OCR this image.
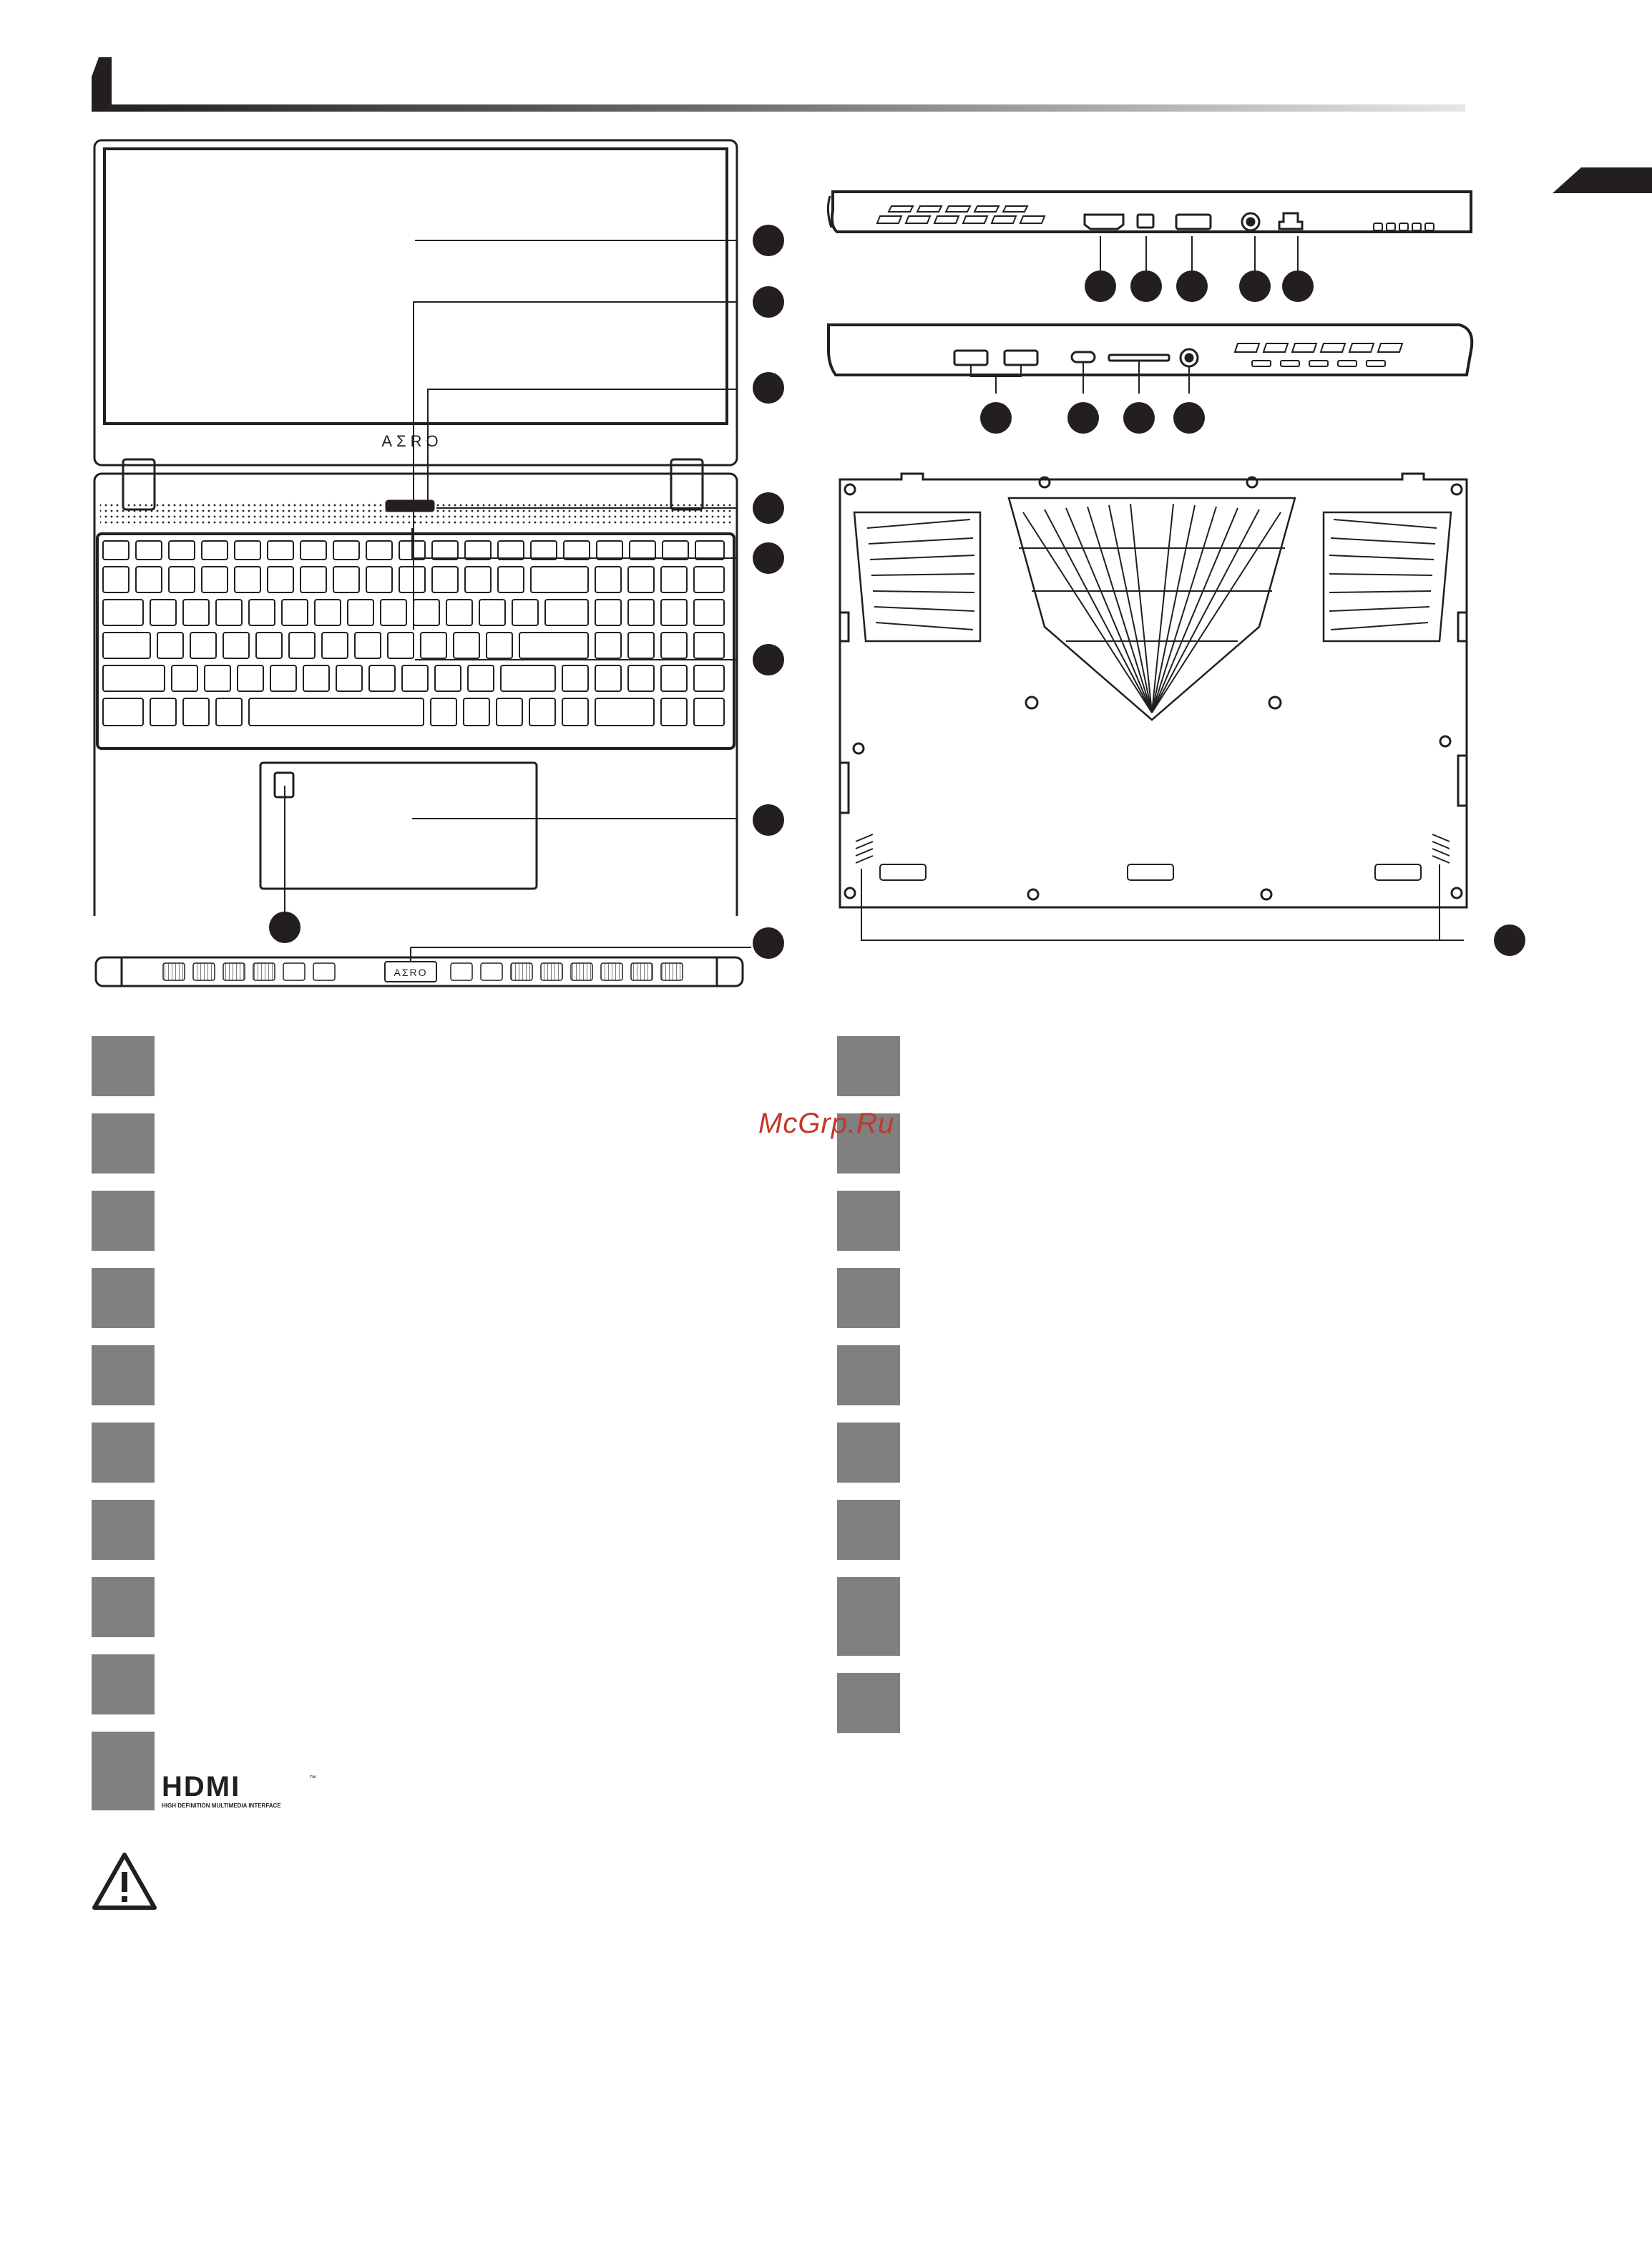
AΣRO
AΣRO
McGrp.Ru
HDMI	™
HIGH DEFINITION MULTIMEDIA INTERFACE
